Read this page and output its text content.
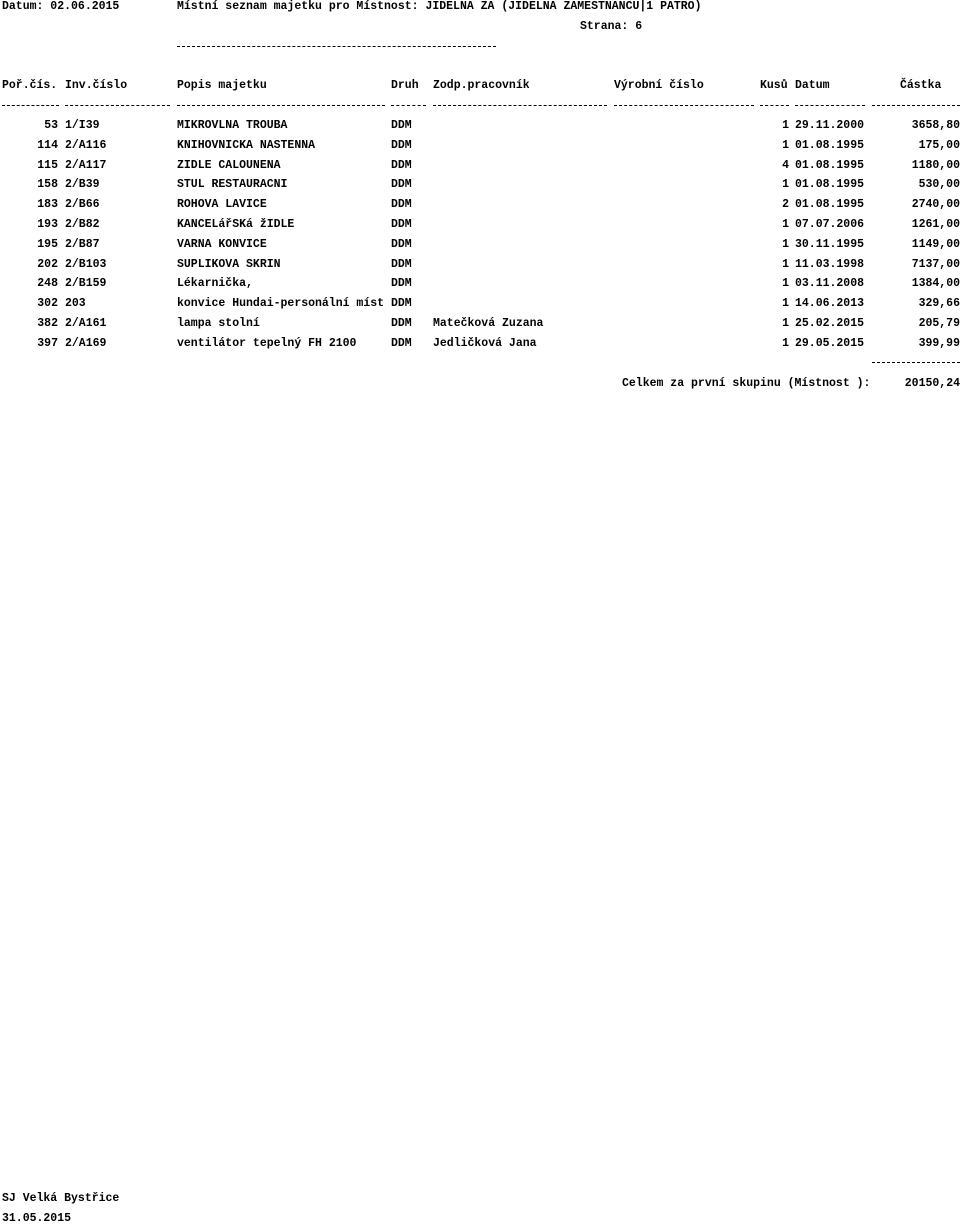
Datum: 02.06.2015	Místní seznam majetku pro Místnost: JIDELNA ZA (JIDELNA ZAMESTNANCU|1 PATRO)
Strana: 6
Poř.čís. Inv.číslo	Popis majetku	Druh Zodp.pracovník	Výrobní číslo	Kusů Datum	Částka
53 1/I39	MIKROVLNA TROUBA	DDM	1 29.11.2000	3658,80
114 2/A116	KNIHOVNICKA NASTENNA	DDM	1 01.08.1995	175,00
115 2/A117	ZIDLE CALOUNENA	DDM	4 01.08.1995	1180,00
158 2/B39	STUL RESTAURACNI	DDM	1 01.08.1995	530,00
183 2/B66	ROHOVA LAVICE	DDM	2 01.08.1995	2740,00
193 2/B82	KANCELářSKá žIDLE	DDM	1 07.07.2006	1261,00
195 2/B87	VARNA KONVICE	DDM	1 30.11.1995	1149,00
202 2/B103	SUPLIKOVA SKRIN	DDM	1 11.03.1998	7137,00
248 2/B159	Lékarnička,	DDM	1 03.11.2008	1384,00
302 203	konvice Hundai-personální míst DDM	1 14.06.2013	329,66
382 2/A161	lampa stolní	DDM	Matečková Zuzana	1 25.02.2015	205,79
397 2/A169	ventilátor tepelný FH 2100	DDM	Jedličková Jana	1 29.05.2015	399,99
Celkem za první skupinu (Místnost ):	20150,24
SJ Velká Bystřice
31.05.2015
